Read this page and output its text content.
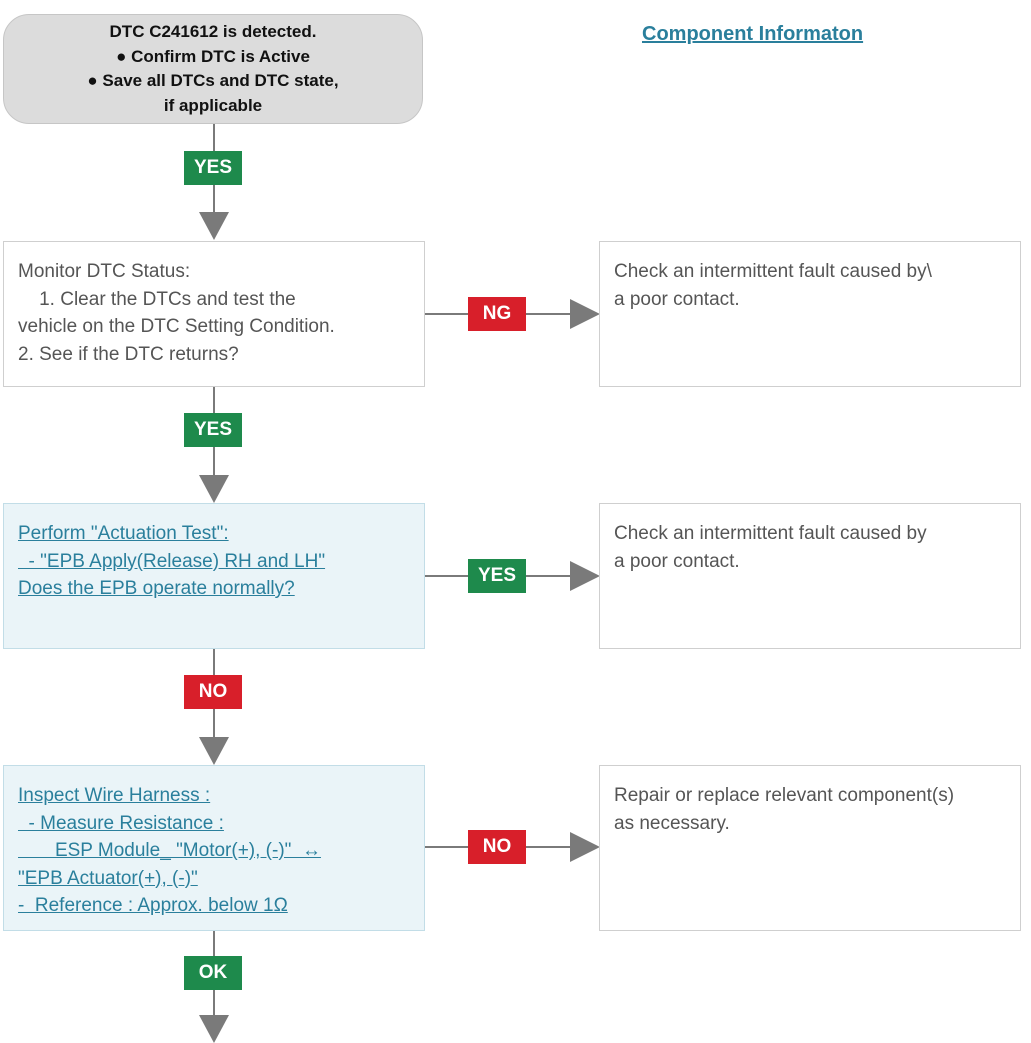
DTC C241612 is detected.
● Confirm DTC is Active
● Save all DTCs and DTC state,
if applicable
Component Informaton
YES
Monitor DTC Status:
1. Clear the DTCs and test the
vehicle on the DTC Setting Condition.
2. See if the DTC returns?
NG
Check an intermittent fault caused by\
a poor contact.
YES
Perform "Actuation Test":
- "EPB Apply(Release) RH and LH"
Does the EPB operate normally?
YES
Check an intermittent fault caused by
a poor contact.
NO
Inspect Wire Harness :
- Measure Resistance :
ESP Module_ "Motor(+), (-)"  ↔
"EPB Actuator(+), (-)"
-  Reference : Approx. below 1Ω
NO
Repair or replace relevant component(s)
as necessary.
OK
